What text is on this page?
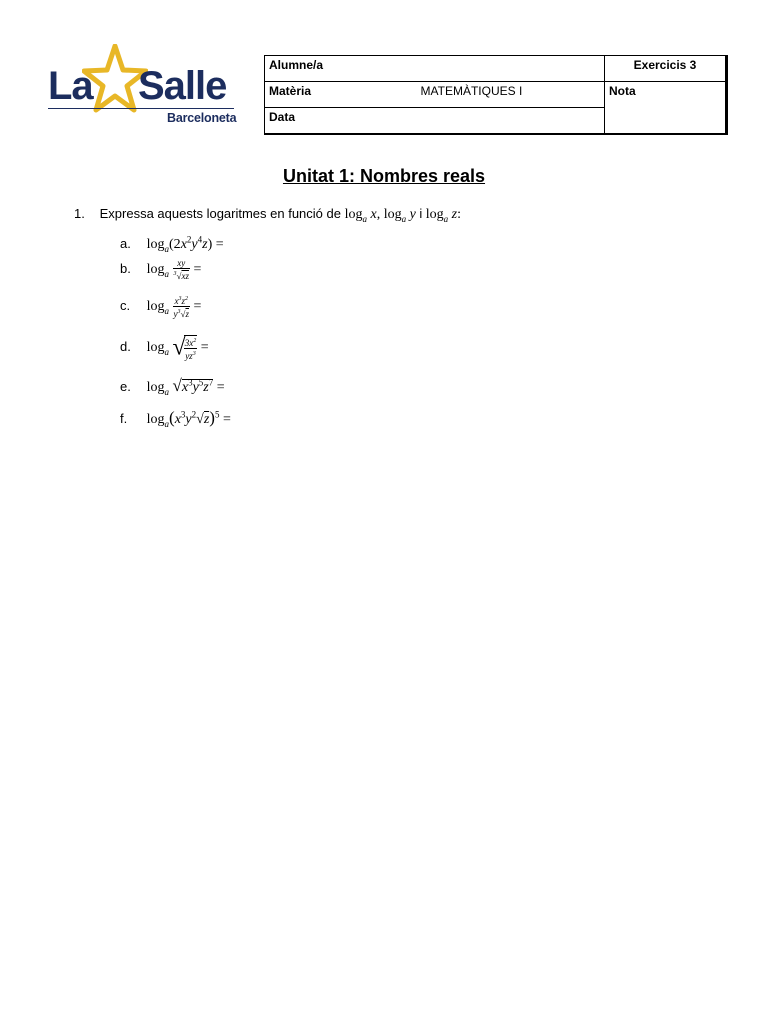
La Salle
Barceloneta
Alumne/a	Exercicis 3
Matèria MATEMÀTIQUES I	Nota
Data	
Unitat 1: Nombres reals
1. Expressa aquests logaritmes en funció de $\log_a x$, $\log_a y$ i $\log_a z$:
a. $\log_a(2x^2y^4z)$ =
b. $\log_a \frac{xy}{^3√xz}$ =
c. $\log_a \frac{x^3z^2}{y^3√z}$ =
d. $\log_a$ √
$\frac{3x^2}{yz^3}$ =
e. $\log_a √x^3y^5z^7$ =
f. $\log_a(x^3y^2√z)^5$ =
